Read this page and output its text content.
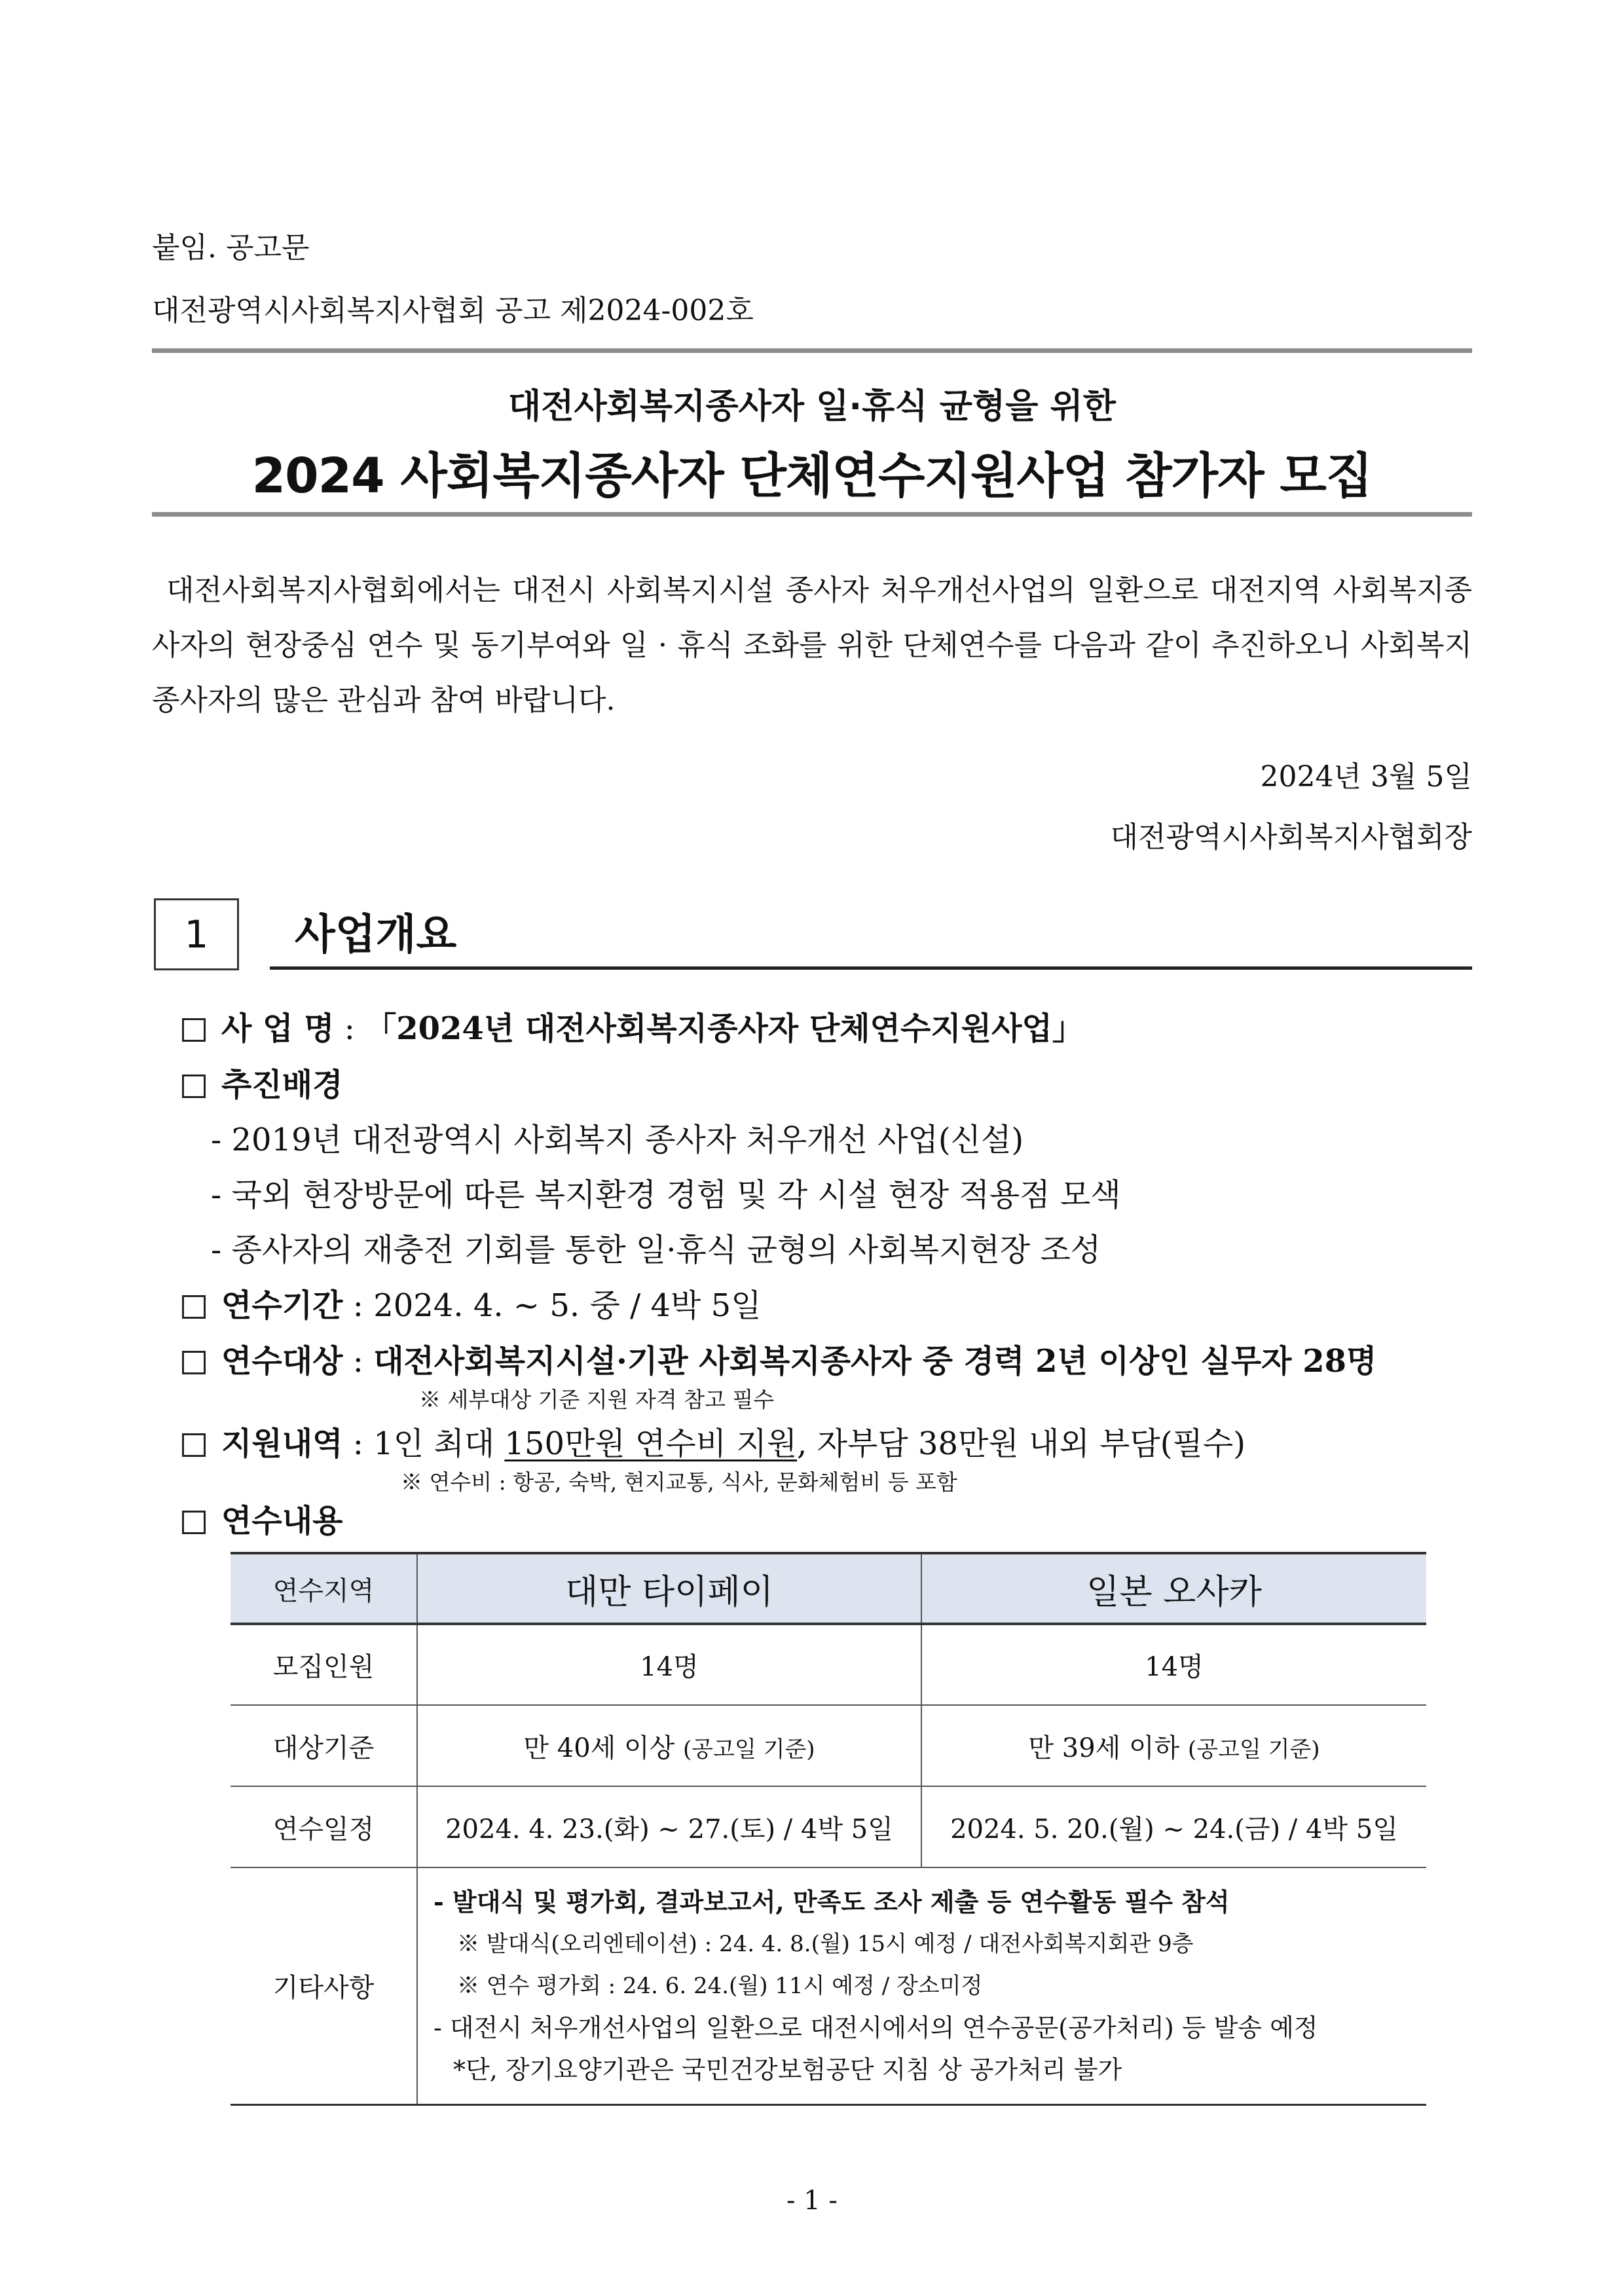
붙임. 공고문
대전광역시사회복지사협회 공고 제2024-002호
대전사회복지종사자 일·휴식 균형을 위한
2024 사회복지종사자 단체연수지원사업 참가자 모집
대전사회복지사협회에서는 대전시 사회복지시설 종사자 처우개선사업의 일환으로 대전지역 사회복지종사자의 현장중심 연수 및 동기부여와 일 · 휴식 조화를 위한 단체연수를 다음과 같이 추진하오니 사회복지종사자의 많은 관심과 참여 바랍니다.
2024년 3월 5일
대전광역시사회복지사협회장
1 사업개요
사 업 명 : 「2024년 대전사회복지종사자 단체연수지원사업」
추진배경
- 2019년 대전광역시 사회복지 종사자 처우개선 사업(신설)
- 국외 현장방문에 따른 복지환경 경험 및 각 시설 현장 적용점 모색
- 종사자의 재충전 기회를 통한 일·휴식 균형의 사회복지현장 조성
연수기간 : 2024. 4. ~ 5. 중 / 4박 5일
연수대상 : 대전사회복지시설·기관 사회복지종사자 중 경력 2년 이상인 실무자 28명
※ 세부대상 기준 지원 자격 참고 필수
지원내역 : 1인 최대 150만원 연수비 지원, 자부담 38만원 내외 부담(필수)
※ 연수비 : 항공, 숙박, 현지교통, 식사, 문화체험비 등 포함
연수내용
연수지역	대만 타이페이	일본 오사카
모집인원	14명	14명
대상기준	만 40세 이상 (공고일 기준)	만 39세 이하 (공고일 기준)
연수일정	2024. 4. 23.(화) ~ 27.(토) / 4박 5일	2024. 5. 20.(월) ~ 24.(금) / 4박 5일
기타사항	- 발대식 및 평가회, 결과보고서, 만족도 조사 제출 등 연수활동 필수 참석
※ 발대식(오리엔테이션) : 24. 4. 8.(월) 15시 예정 / 대전사회복지회관 9층
※ 연수 평가회 : 24. 6. 24.(월) 11시 예정 / 장소미정
- 대전시 처우개선사업의 일환으로 대전시에서의 연수공문(공가처리) 등 발송 예정
*단, 장기요양기관은 국민건강보험공단 지침 상 공가처리 불가	
- 1 -
